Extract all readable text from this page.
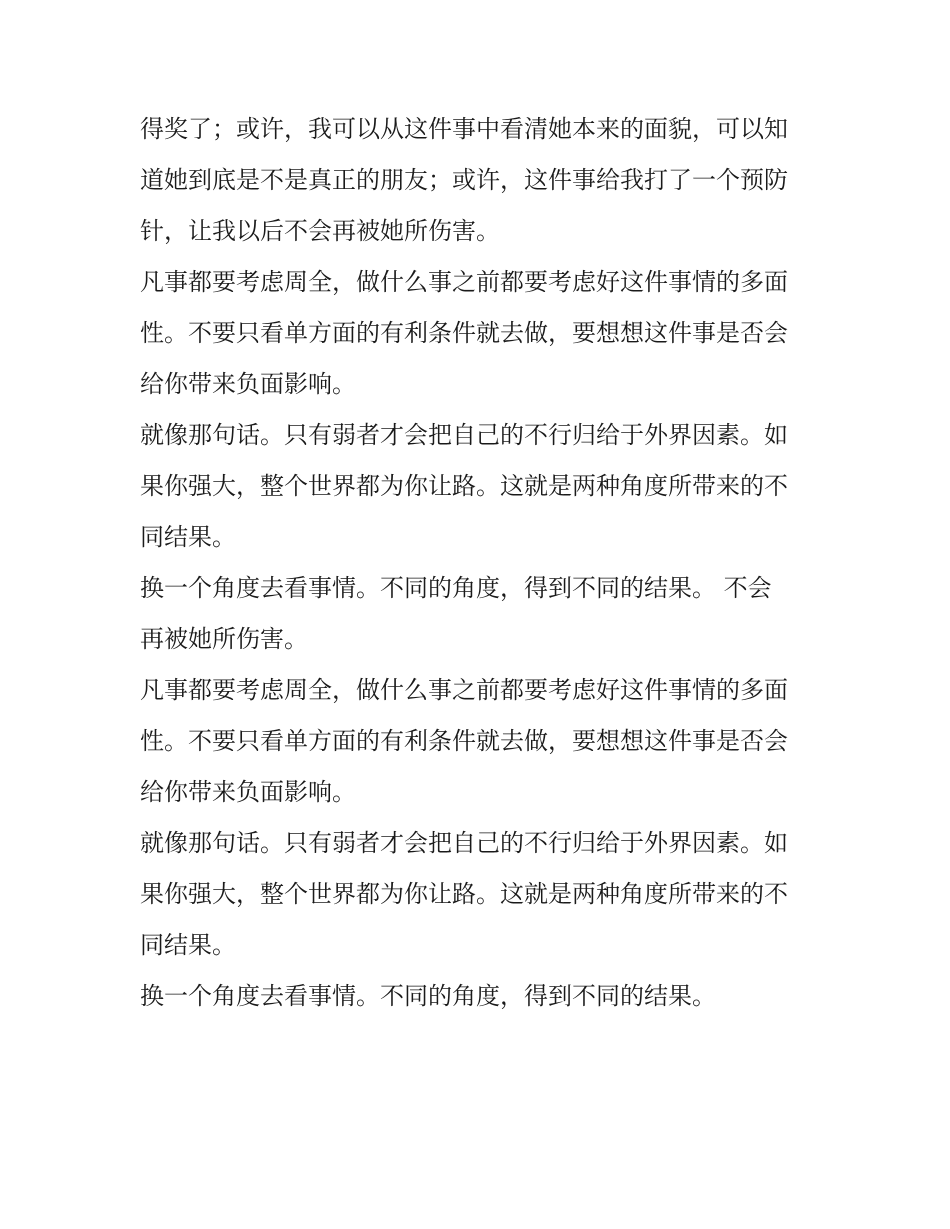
得奖了；或许，我可以从这件事中看清她本来的面貌，可以知
道她到底是不是真正的朋友；或许，这件事给我打了一个预防
针，让我以后不会再被她所伤害。
凡事都要考虑周全，做什么事之前都要考虑好这件事情的多面
性。不要只看单方面的有利条件就去做，要想想这件事是否会
给你带来负面影响。
就像那句话。只有弱者才会把自己的不行归给于外界因素。如
果你强大，整个世界都为你让路。这就是两种角度所带来的不
同结果。
换一个角度去看事情。不同的角度，得到不同的结果。 不会
再被她所伤害。
凡事都要考虑周全，做什么事之前都要考虑好这件事情的多面
性。不要只看单方面的有利条件就去做，要想想这件事是否会
给你带来负面影响。
就像那句话。只有弱者才会把自己的不行归给于外界因素。如
果你强大，整个世界都为你让路。这就是两种角度所带来的不
同结果。
换一个角度去看事情。不同的角度，得到不同的结果。
